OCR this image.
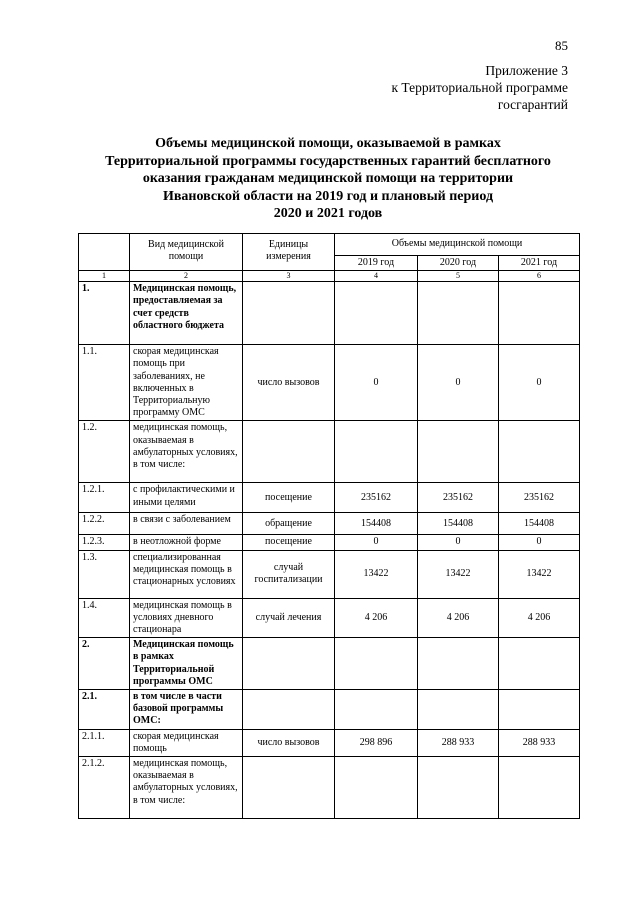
85
Приложение 3
к Территориальной программе
госгарантий
Объемы медицинской помощи, оказываемой в рамках
Территориальной программы государственных гарантий бесплатного
оказания гражданам медицинской помощи на территории
Ивановской области на 2019 год и плановый период
2020 и 2021 годов
	Вид медицинской помощи	Единицы измерения	Объемы медицинской помощи		
			2019 год	2020 год	2021 год
1	2	3	4	5	6
1.	Медицинская помощь, предоставляемая за счет средств областного бюджета				
1.1.	скорая медицинская помощь при заболеваниях, не включенных в Территориальную программу ОМС	число вызовов	0	0	0
1.2.	медицинская помощь, оказываемая в амбулаторных условиях, в том числе:				
1.2.1.	с профилактическими и иными целями	посещение	235162	235162	235162
1.2.2.	в связи с заболеванием	обращение	154408	154408	154408
1.2.3.	в неотложной форме	посещение	0	0	0
1.3.	специализированная медицинская помощь в стационарных условиях	случай госпитализации	13422	13422	13422
1.4.	медицинская помощь в условиях дневного стационара	случай лечения	4 206	4 206	4 206
2.	Медицинская помощь в рамках Территориальной программы ОМС				
2.1.	в том числе в части базовой программы ОМС:				
2.1.1.	скорая медицинская помощь	число вызовов	298 896	288 933	288 933
2.1.2.	медицинская помощь, оказываемая в амбулаторных условиях, в том числе:				
